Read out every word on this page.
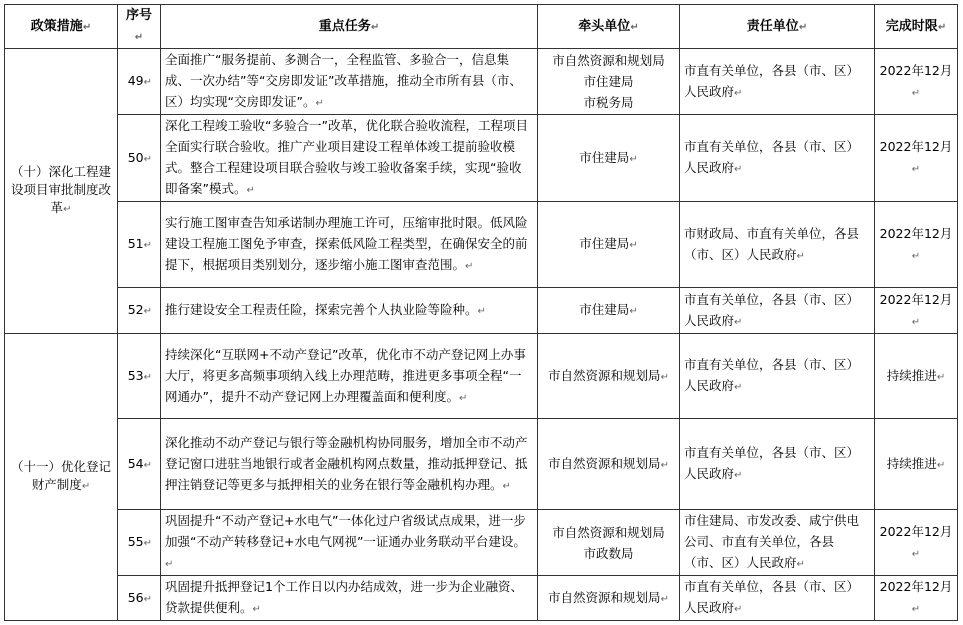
政策措施↵	序号↵	重点任务↵	牵头单位↵	责任单位↵	完成时限↵
（十）深化工程建设项目审批制度改革↵	49↵	全面推广“服务提前、多测合一，全程监管、多验合一，信息集成、一次办结”等“交房即发证”改革措施，推动全市所有县（市、区）均实现“交房即发证”。↵	市自然资源和规划局
市住建局
市税务局	市直有关单位，各县（市、区）人民政府↵	2022年12月↵
	50↵	深化工程竣工验收“多验合一”改革，优化联合验收流程，工程项目全面实行联合验收。推广产业项目建设工程单体竣工提前验收模式。整合工程建设项目联合验收与竣工验收备案手续，实现“验收即备案”模式。↵	市住建局↵	市直有关单位，各县（市、区）人民政府↵	2022年12月↵
	51↵	实行施工图审查告知承诺制办理施工许可，压缩审批时限。低风险建设工程施工图免予审查，探索低风险工程类型，在确保安全的前提下，根据项目类别划分，逐步缩小施工图审查范围。↵	市住建局↵	市财政局、市直有关单位，各县（市、区）人民政府↵	2022年12月↵
	52↵	推行建设安全工程责任险，探索完善个人执业险等险种。↵	市住建局↵	市直有关单位，各县（市、区）人民政府↵	2022年12月↵
（十一）优化登记财产制度↵	53↵	持续深化“互联网+不动产登记”改革，优化市不动产登记网上办事大厅，将更多高频事项纳入线上办理范畴，推进更多事项全程“一网通办”，提升不动产登记网上办理覆盖面和便利度。↵	市自然资源和规划局↵	市直有关单位，各县（市、区）人民政府↵	持续推进↵
	54↵	深化推动不动产登记与银行等金融机构协同服务，增加全市不动产登记窗口进驻当地银行或者金融机构网点数量，推动抵押登记、抵押注销登记等更多与抵押相关的业务在银行等金融机构办理。↵	市自然资源和规划局↵	市直有关单位，各县（市、区）人民政府↵	持续推进↵
	55↵	巩固提升“不动产登记+水电气”一体化过户省级试点成果，进一步加强“不动产转移登记+水电气网视”一证通办业务联动平台建设。↵	市自然资源和规划局
市政数局	市住建局、市发改委、咸宁供电公司、市直有关单位，各县（市、区）人民政府↵	2022年12月↵
	56↵	巩固提升抵押登记1个工作日以内办结成效，进一步为企业融资、贷款提供便利。↵	市自然资源和规划局↵	市直有关单位，各县（市、区）人民政府↵	2022年12月↵
